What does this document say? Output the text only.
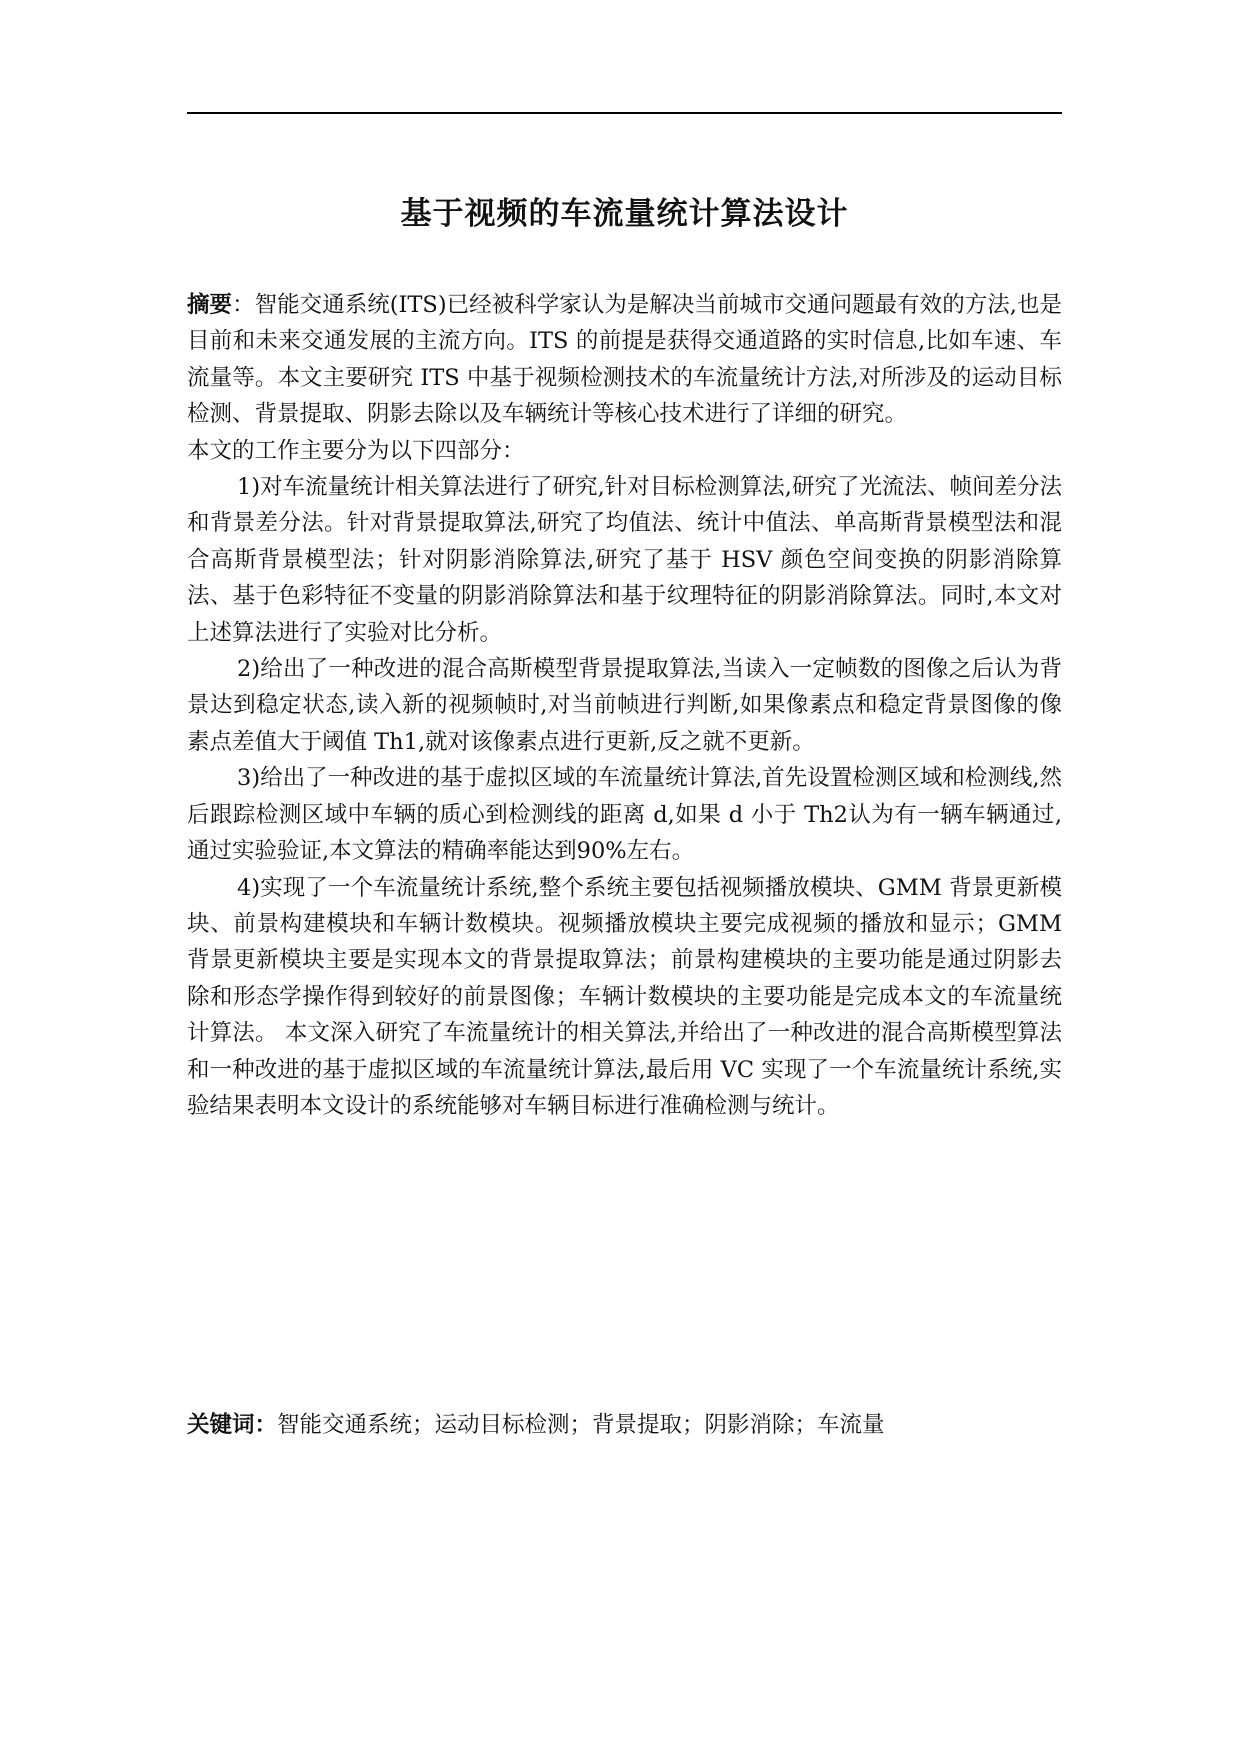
基于视频的车流量统计算法设计

摘要：智能交通系统(ITS)已经被科学家认为是解决当前城市交通问题最有效的方法,也是目前和未来交通发展的主流方向。ITS 的前提是获得交通道路的实时信息,比如车速、车流量等。本文主要研究 ITS 中基于视频检测技术的车流量统计方法,对所涉及的运动目标检测、背景提取、阴影去除以及车辆统计等核心技术进行了详细的研究。

本文的工作主要分为以下四部分：

1)对车流量统计相关算法进行了研究,针对目标检测算法,研究了光流法、帧间差分法和背景差分法。针对背景提取算法,研究了均值法、统计中值法、单高斯背景模型法和混合高斯背景模型法；针对阴影消除算法,研究了基于 HSV 颜色空间变换的阴影消除算法、基于色彩特征不变量的阴影消除算法和基于纹理特征的阴影消除算法。同时,本文对上述算法进行了实验对比分析。

2)给出了一种改进的混合高斯模型背景提取算法,当读入一定帧数的图像之后认为背景达到稳定状态,读入新的视频帧时,对当前帧进行判断,如果像素点和稳定背景图像的像素点差值大于阈值 Th1,就对该像素点进行更新,反之就不更新。

3)给出了一种改进的基于虚拟区域的车流量统计算法,首先设置检测区域和检测线,然后跟踪检测区域中车辆的质心到检测线的距离 d,如果 d 小于 Th2认为有一辆车辆通过,通过实验验证,本文算法的精确率能达到90%左右。

4)实现了一个车流量统计系统,整个系统主要包括视频播放模块、GMM 背景更新模块、前景构建模块和车辆计数模块。视频播放模块主要完成视频的播放和显示；GMM 背景更新模块主要是实现本文的背景提取算法；前景构建模块的主要功能是通过阴影去除和形态学操作得到较好的前景图像；车辆计数模块的主要功能是完成本文的车流量统计算法。 本文深入研究了车流量统计的相关算法,并给出了一种改进的混合高斯模型算法和一种改进的基于虚拟区域的车流量统计算法,最后用 VC 实现了一个车流量统计系统,实验结果表明本文设计的系统能够对车辆目标进行准确检测与统计。

关键词：智能交通系统；运动目标检测；背景提取；阴影消除；车流量
